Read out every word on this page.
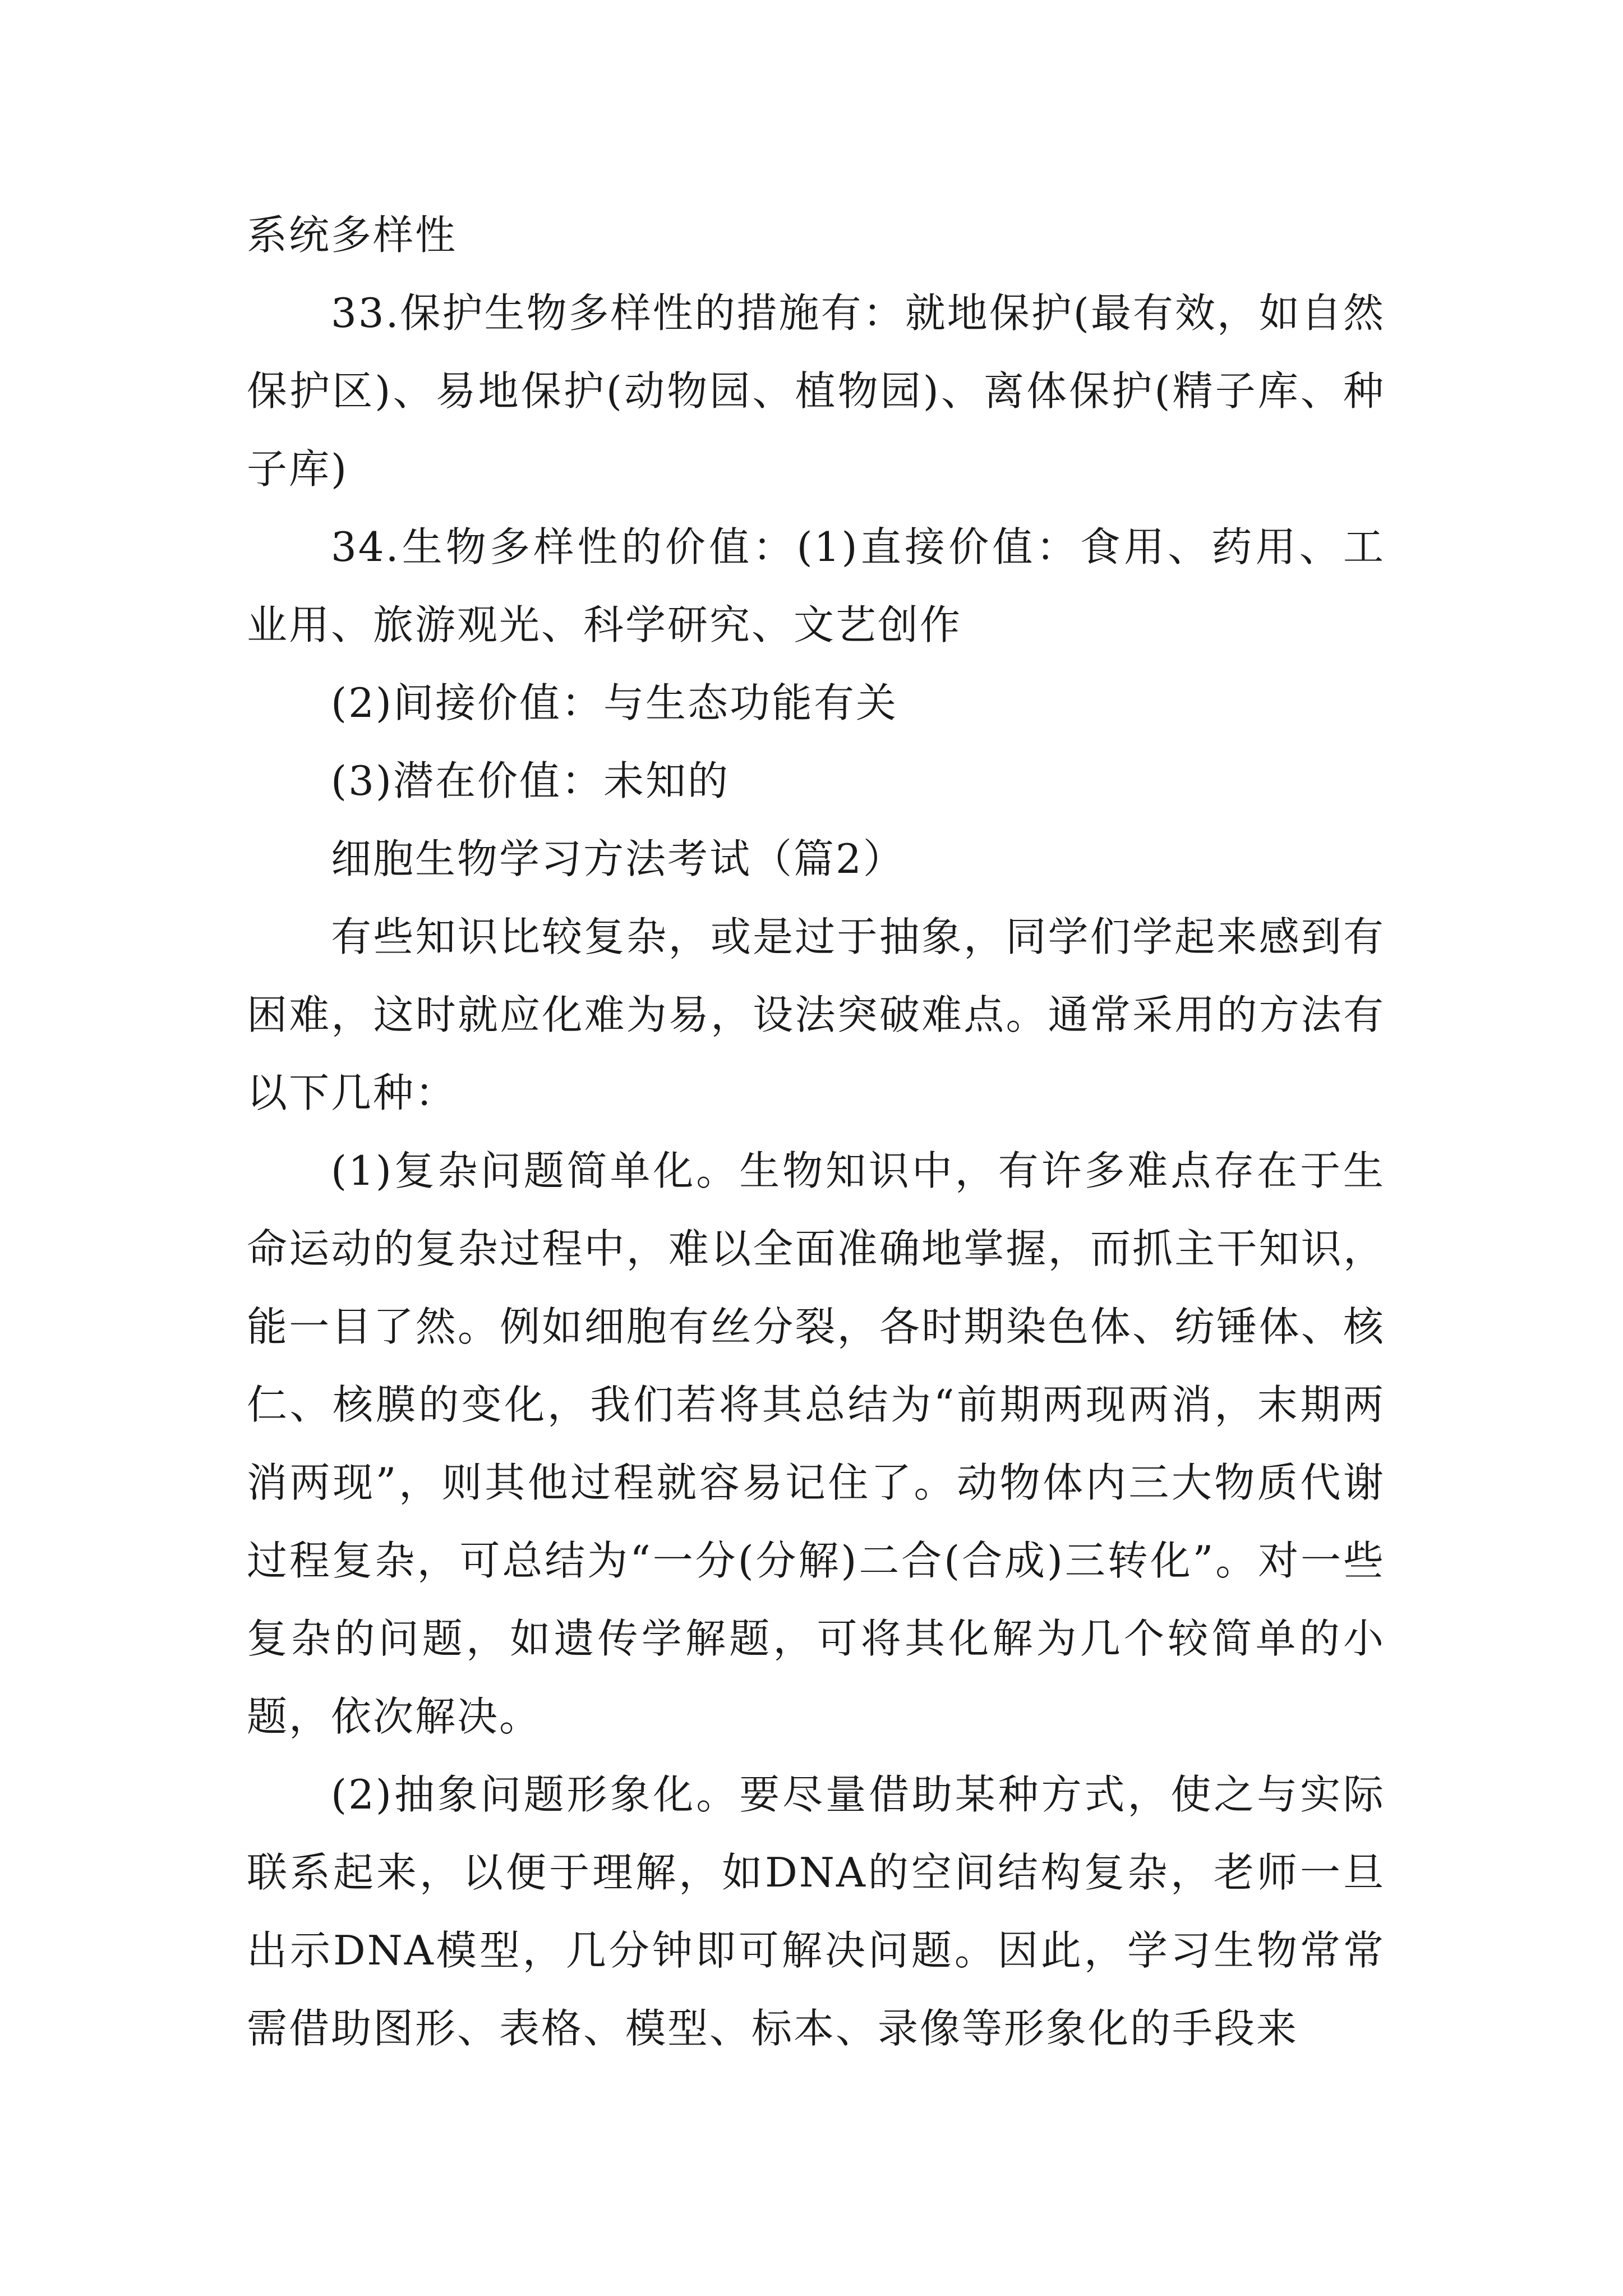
系统多样性

33.保护生物多样性的措施有：就地保护(最有效，如自然保护区)、易地保护(动物园、植物园)、离体保护(精子库、种子库)

34.生物多样性的价值：(1)直接价值：食用、药用、工业用、旅游观光、科学研究、文艺创作

(2)间接价值：与生态功能有关

(3)潜在价值：未知的

细胞生物学习方法考试（篇2）

有些知识比较复杂，或是过于抽象，同学们学起来感到有困难，这时就应化难为易，设法突破难点。通常采用的方法有以下几种：

(1)复杂问题简单化。生物知识中，有许多难点存在于生命运动的复杂过程中，难以全面准确地掌握，而抓主干知识，能一目了然。例如细胞有丝分裂，各时期染色体、纺锤体、核仁、核膜的变化，我们若将其总结为“前期两现两消，末期两消两现”，则其他过程就容易记住了。动物体内三大物质代谢过程复杂，可总结为“一分(分解)二合(合成)三转化”。对一些复杂的问题，如遗传学解题，可将其化解为几个较简单的小题，依次解决。

(2)抽象问题形象化。要尽量借助某种方式，使之与实际联系起来，以便于理解，如DNA的空间结构复杂，老师一旦出示DNA模型，几分钟即可解决问题。因此，学习生物常常需借助图形、表格、模型、标本、录像等形象化的手段来
